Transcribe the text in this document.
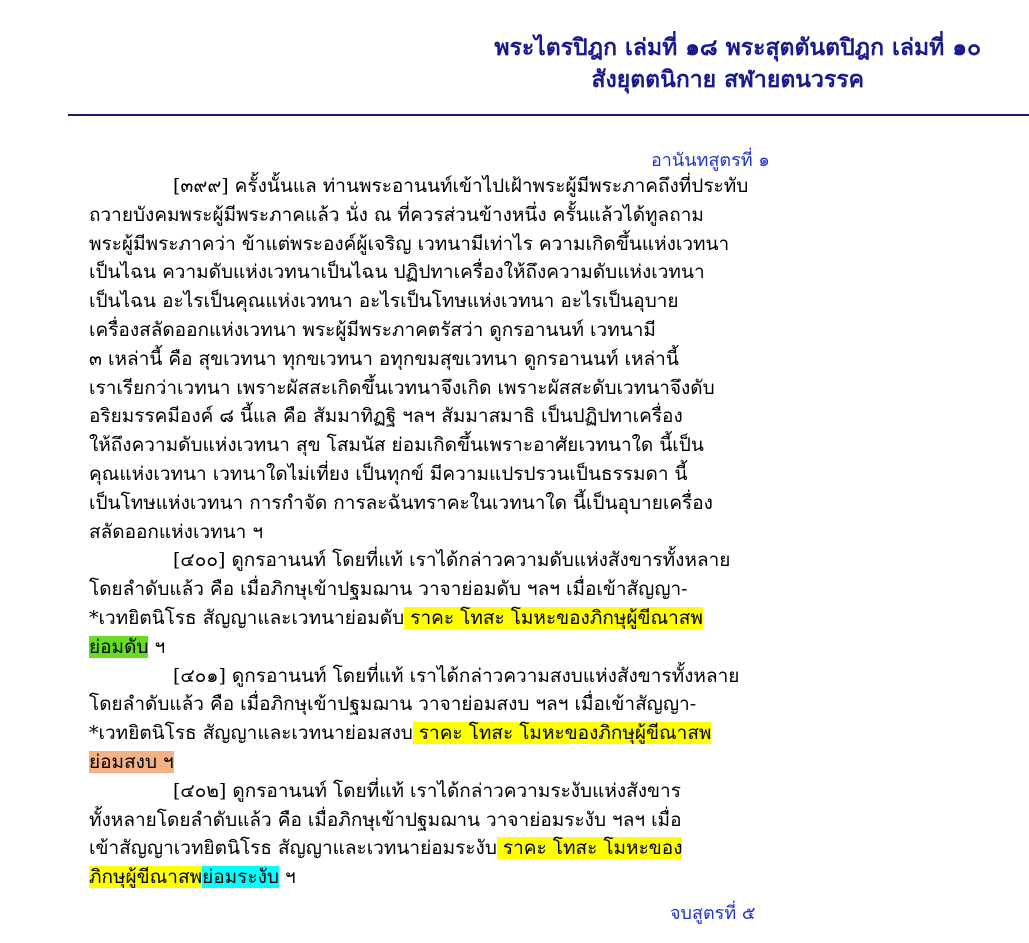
พระไตรปิฎก เล่มที่ ๑๘ พระสุตตันตปิฎก เล่มที่ ๑๐
สังยุตตนิกาย สฬายตนวรรค
อานันทสูตรที่ ๑
[๓๙๙] ครั้งนั้นแล ท่านพระอานนท์เข้าไปเฝ้าพระผู้มีพระภาคถึงที่ประทับ
ถวายบังคมพระผู้มีพระภาคแล้ว นั่ง ณ ที่ควรส่วนข้างหนึ่ง ครั้นแล้วได้ทูลถาม
พระผู้มีพระภาคว่า ข้าแต่พระองค์ผู้เจริญ เวทนามีเท่าไร ความเกิดขึ้นแห่งเวทนา
เป็นไฉน ความดับแห่งเวทนาเป็นไฉน ปฏิปทาเครื่องให้ถึงความดับแห่งเวทนา
เป็นไฉน อะไรเป็นคุณแห่งเวทนา อะไรเป็นโทษแห่งเวทนา อะไรเป็นอุบาย
เครื่องสลัดออกแห่งเวทนา พระผู้มีพระภาคตรัสว่า ดูกรอานนท์ เวทนามี
๓ เหล่านี้ คือ สุขเวทนา ทุกขเวทนา อทุกขมสุขเวทนา ดูกรอานนท์ เหล่านี้
เราเรียกว่าเวทนา เพราะผัสสะเกิดขึ้นเวทนาจึงเกิด เพราะผัสสะดับเวทนาจึงดับ
อริยมรรคมีองค์ ๘ นี้แล คือ สัมมาทิฏฐิ ฯลฯ สัมมาสมาธิ เป็นปฏิปทาเครื่อง
ให้ถึงความดับแห่งเวทนา สุข โสมนัส ย่อมเกิดขึ้นเพราะอาศัยเวทนาใด นี้เป็น
คุณแห่งเวทนา เวทนาใดไม่เที่ยง เป็นทุกข์ มีความแปรปรวนเป็นธรรมดา นี้
เป็นโทษแห่งเวทนา การกำจัด การละฉันทราคะในเวทนาใด นี้เป็นอุบายเครื่อง
สลัดออกแห่งเวทนา ฯ
[๔๐๐] ดูกรอานนท์ โดยที่แท้ เราได้กล่าวความดับแห่งสังขารทั้งหลาย
โดยลำดับแล้ว คือ เมื่อภิกษุเข้าปฐมฌาน วาจาย่อมดับ ฯลฯ เมื่อเข้าสัญญา-
*เวทยิตนิโรธ สัญญาและเวทนาย่อมดับ ราคะ โทสะ โมหะของภิกษุผู้ขีณาสพ
ย่อมดับ ฯ
[๔๐๑] ดูกรอานนท์ โดยที่แท้ เราได้กล่าวความสงบแห่งสังขารทั้งหลาย
โดยลำดับแล้ว คือ เมื่อภิกษุเข้าปฐมฌาน วาจาย่อมสงบ ฯลฯ เมื่อเข้าสัญญา-
*เวทยิตนิโรธ สัญญาและเวทนาย่อมสงบ ราคะ โทสะ โมหะของภิกษุผู้ขีณาสพ
ย่อมสงบ ฯ
[๔๐๒] ดูกรอานนท์ โดยที่แท้ เราได้กล่าวความระงับแห่งสังขาร
ทั้งหลายโดยลำดับแล้ว คือ เมื่อภิกษุเข้าปฐมฌาน วาจาย่อมระงับ ฯลฯ เมื่อ
เข้าสัญญาเวทยิตนิโรธ สัญญาและเวทนาย่อมระงับ ราคะ โทสะ โมหะของ
ภิกษุผู้ขีณาสพย่อมระงับ ฯ
จบสูตรที่ ๕
